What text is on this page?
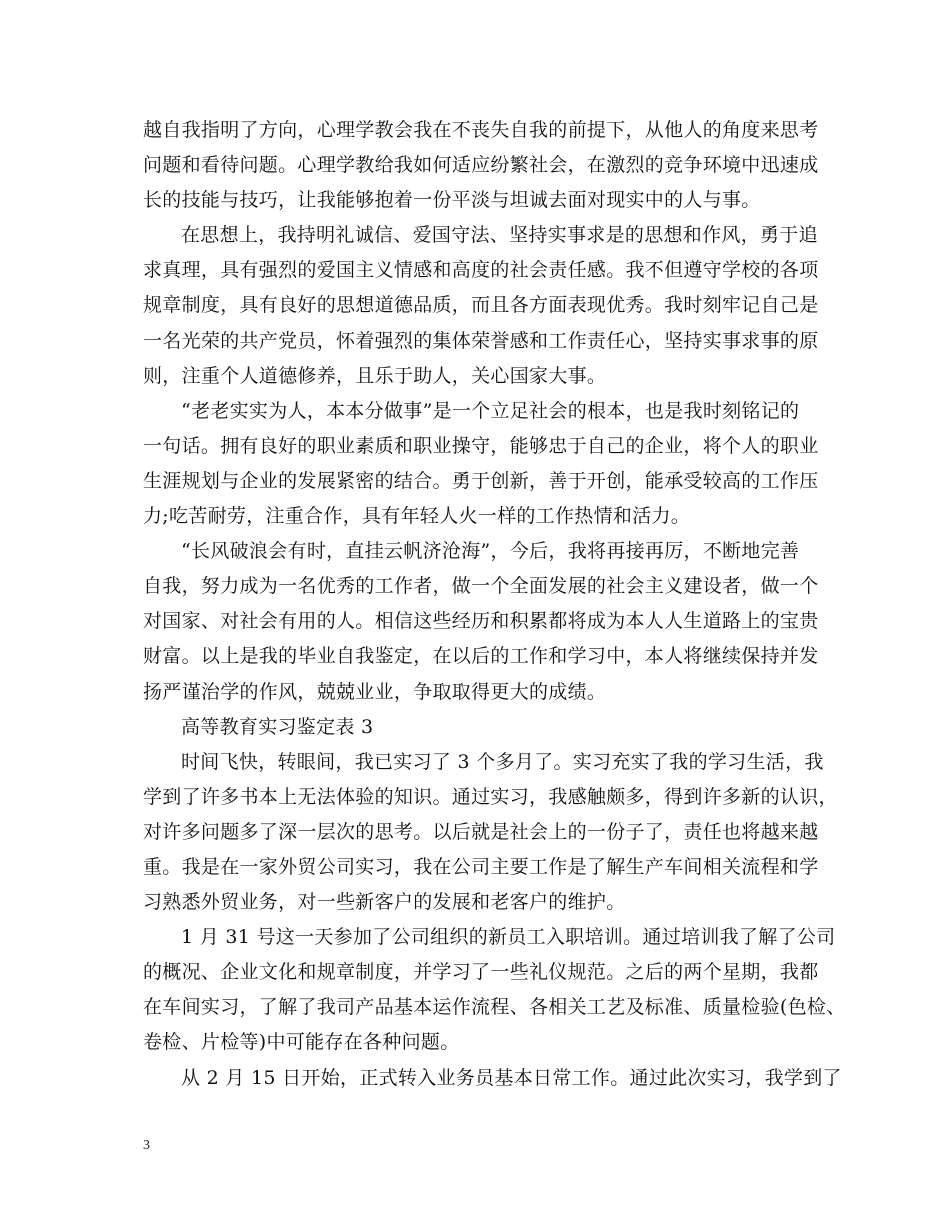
越自我指明了方向，心理学教会我在不丧失自我的前提下，从他人的角度来思考
问题和看待问题。心理学教给我如何适应纷繁社会，在激烈的竞争环境中迅速成
长的技能与技巧，让我能够抱着一份平淡与坦诚去面对现实中的人与事。
在思想上，我持明礼诚信、爱国守法、坚持实事求是的思想和作风，勇于追
求真理，具有强烈的爱国主义情感和高度的社会责任感。我不但遵守学校的各项
规章制度，具有良好的思想道德品质，而且各方面表现优秀。我时刻牢记自己是
一名光荣的共产党员，怀着强烈的集体荣誉感和工作责任心，坚持实事求事的原
则，注重个人道德修养，且乐于助人，关心国家大事。
“老老实实为人，本本分做事”是一个立足社会的根本，也是我时刻铭记的
一句话。拥有良好的职业素质和职业操守，能够忠于自己的企业，将个人的职业
生涯规划与企业的发展紧密的结合。勇于创新，善于开创，能承受较高的工作压
力;吃苦耐劳，注重合作，具有年轻人火一样的工作热情和活力。
“长风破浪会有时，直挂云帆济沧海”，今后，我将再接再厉，不断地完善
自我，努力成为一名优秀的工作者，做一个全面发展的社会主义建设者，做一个
对国家、对社会有用的人。相信这些经历和积累都将成为本人人生道路上的宝贵
财富。以上是我的毕业自我鉴定，在以后的工作和学习中，本人将继续保持并发
扬严谨治学的作风，兢兢业业，争取取得更大的成绩。
高等教育实习鉴定表 3
时间飞快，转眼间，我已实习了 3 个多月了。实习充实了我的学习生活，我
学到了许多书本上无法体验的知识。通过实习，我感触颇多，得到许多新的认识，
对许多问题多了深一层次的思考。以后就是社会上的一份子了，责任也将越来越
重。我是在一家外贸公司实习，我在公司主要工作是了解生产车间相关流程和学
习熟悉外贸业务，对一些新客户的发展和老客户的维护。
1 月 31 号这一天参加了公司组织的新员工入职培训。通过培训我了解了公司
的概况、企业文化和规章制度，并学习了一些礼仪规范。之后的两个星期，我都
在车间实习，了解了我司产品基本运作流程、各相关工艺及标准、质量检验(色检、
卷检、片检等)中可能存在各种问题。
从 2 月 15 日开始，正式转入业务员基本日常工作。通过此次实习，我学到了
3
